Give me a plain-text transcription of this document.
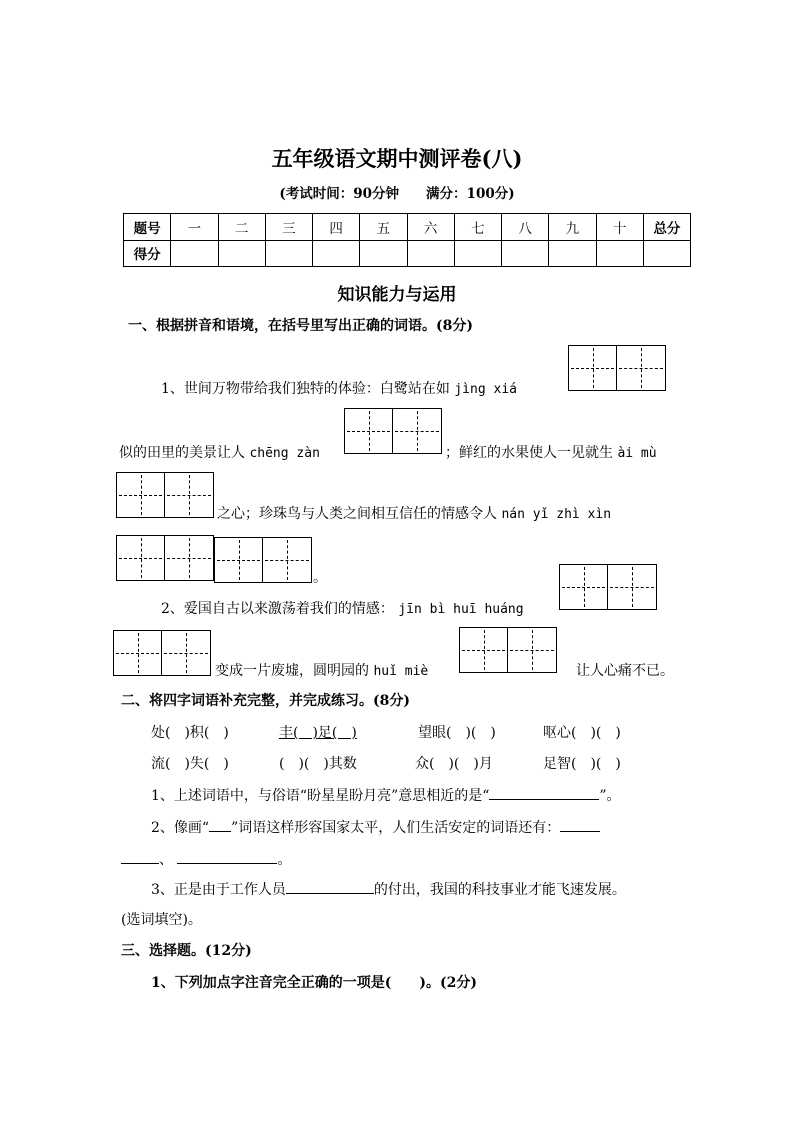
五年级语文期中测评卷(八)
(考试时间：90分钟　　满分：100分)
题号	一	二	三	四	五	六	七	八	九	十	总分
得分											
知识能力与运用
一、根据拼音和语境，在括号里写出正确的词语。(8分)
1、世间万物带给我们独特的体验：白鹭站在如 jìng xiá
似的田里的美景让人 chēng zàn	；鲜红的水果使人一见就生 ài mù
之心；珍珠鸟与人类之间相互信任的情感令人 nán yǐ zhì xìn
。
2、爱国自古以来激荡着我们的情感： jīn bì huī huáng
变成一片废墟，圆明园的 huǐ miè	让人心痛不已。
二、将四字词语补充完整，并完成练习。(8分)
处(　)积(　)	丰(　)足(　)	望眼(　)(　)	呕心(　)(　)
流(　)失(　)	(　)(　)其数	众(　)(　)月	足智(　)(　)
1、上述词语中，与俗语“盼星星盼月亮”意思相近的是“	”。
2、像画“ ”词语这样形容国家太平，人们生活安定的词语还有：
、	。
3、正是由于工作人员	的付出，我国的科技事业才能飞速发展。
(选词填空)。
三、选择题。(12分)
1、下列加点字注音完全正确的一项是(　　)。(2分)
